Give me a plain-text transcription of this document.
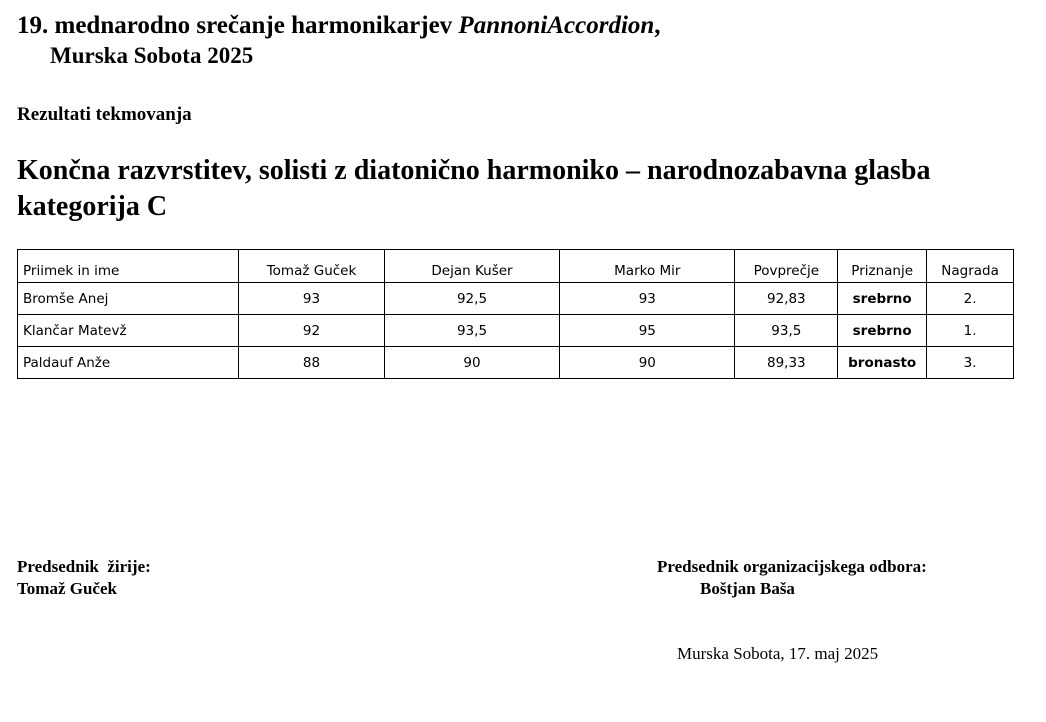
19. mednarodno srečanje harmonikarjev PannoniAccordion,
Murska Sobota 2025
Rezultati tekmovanja
Končna razvrstitev, solisti z diatonično harmoniko – narodnozabavna glasba
kategorija C
Priimek in ime	Tomaž Guček	Dejan Kušer	Marko Mir	Povprečje	Priznanje	Nagrada
Bromše Anej	93	92,5	93	92,83	srebrno	2.
Klančar Matevž	92	93,5	95	93,5	srebrno	1.
Paldauf Anže	88	90	90	89,33	bronasto	3.
Predsednik  žirije:
Tomaž Guček
Predsednik organizacijskega odbora:
Boštjan Baša
Murska Sobota, 17. maj 2025
